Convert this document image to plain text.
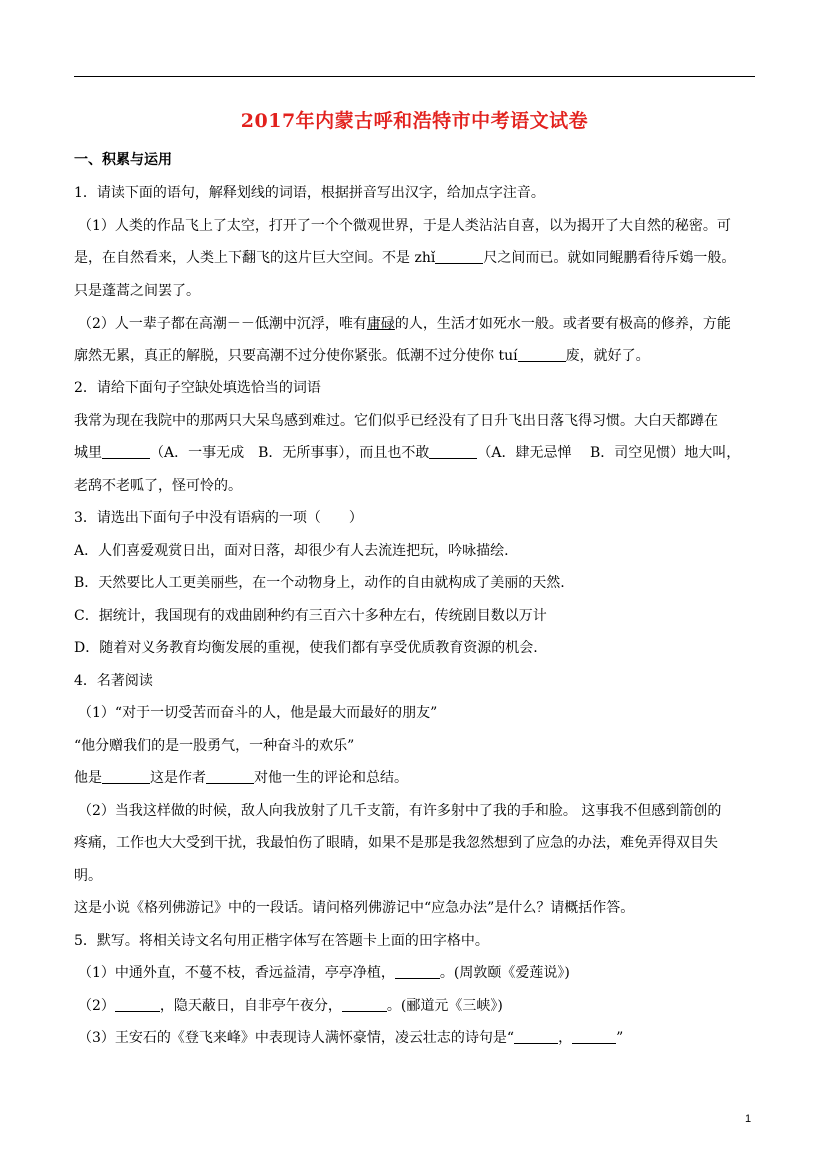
2017年内蒙古呼和浩特市中考语文试卷
一、积累与运用
1．请读下面的语句，解释划线的词语，根据拼音写出汉字，给加点字注音。
（1）人类的作品飞上了太空，打开了一个个微观世界，于是人类沾沾自喜，以为揭开了大自然的秘密。可
是，在自然看来，人类上下翻飞的这片巨大空间。不是 zhǐ	尺之间而已。就如同鲲鹏看待斥鴳一般。
只是蓬蒿之间罢了。
（2）人一辈子都在高潮－－低潮中沉浮，唯有庸碌的人，生活才如死水一般。或者要有极高的修养，方能
廓然无累，真正的解脱，只要高潮不过分使你紧张。低潮不过分使你 tuí	废，就好了。
2．请给下面句子空缺处填选恰当的词语
我常为现在我院中的那两只大呆鸟感到难过。它们似乎已经没有了日升飞出日落飞得习惯。大白天都蹲在
城里	（A．一事无成　B．无所事事），而且也不敢	（A．肆无忌惮　 B．司空见惯）地大叫，
老鸹不老呱了，怪可怜的。
3．请选出下面句子中没有语病的一项（　　）
A．人们喜爱观赏日出，面对日落，却很少有人去流连把玩，吟咏描绘.
B．天然要比人工更美丽些，在一个动物身上，动作的自由就构成了美丽的天然.
C．据统计，我国现有的戏曲剧种约有三百六十多种左右，传统剧目数以万计
D．随着对义务教育均衡发展的重视，使我们都有享受优质教育资源的机会.
4．名著阅读
（1）“对于一切受苦而奋斗的人，他是最大而最好的朋友”
“他分赠我们的是一股勇气，一种奋斗的欢乐”
他是	这是作者	对他一生的评论和总结。
（2）当我这样做的时候，敌人向我放射了几千支箭，有许多射中了我的手和脸。 这事我不但感到箭创的
疼痛，工作也大大受到干扰，我最怕伤了眼睛，如果不是那是我忽然想到了应急的办法，难免弄得双目失
明。
这是小说《格列佛游记》中的一段话。请问格列佛游记中“应急办法”是什么？请概括作答。
5．默写。将相关诗文名句用正楷字体写在答题卡上面的田字格中。
（1）中通外直，不蔓不枝，香远益清，亭亭净植，	。(周敦颐《爱莲说》)
（2）	，隐天蔽日，自非亭午夜分，	。(郦道元《三峡》)
（3）王安石的《登飞来峰》中表现诗人满怀豪情，凌云壮志的诗句是“	，	”
1
